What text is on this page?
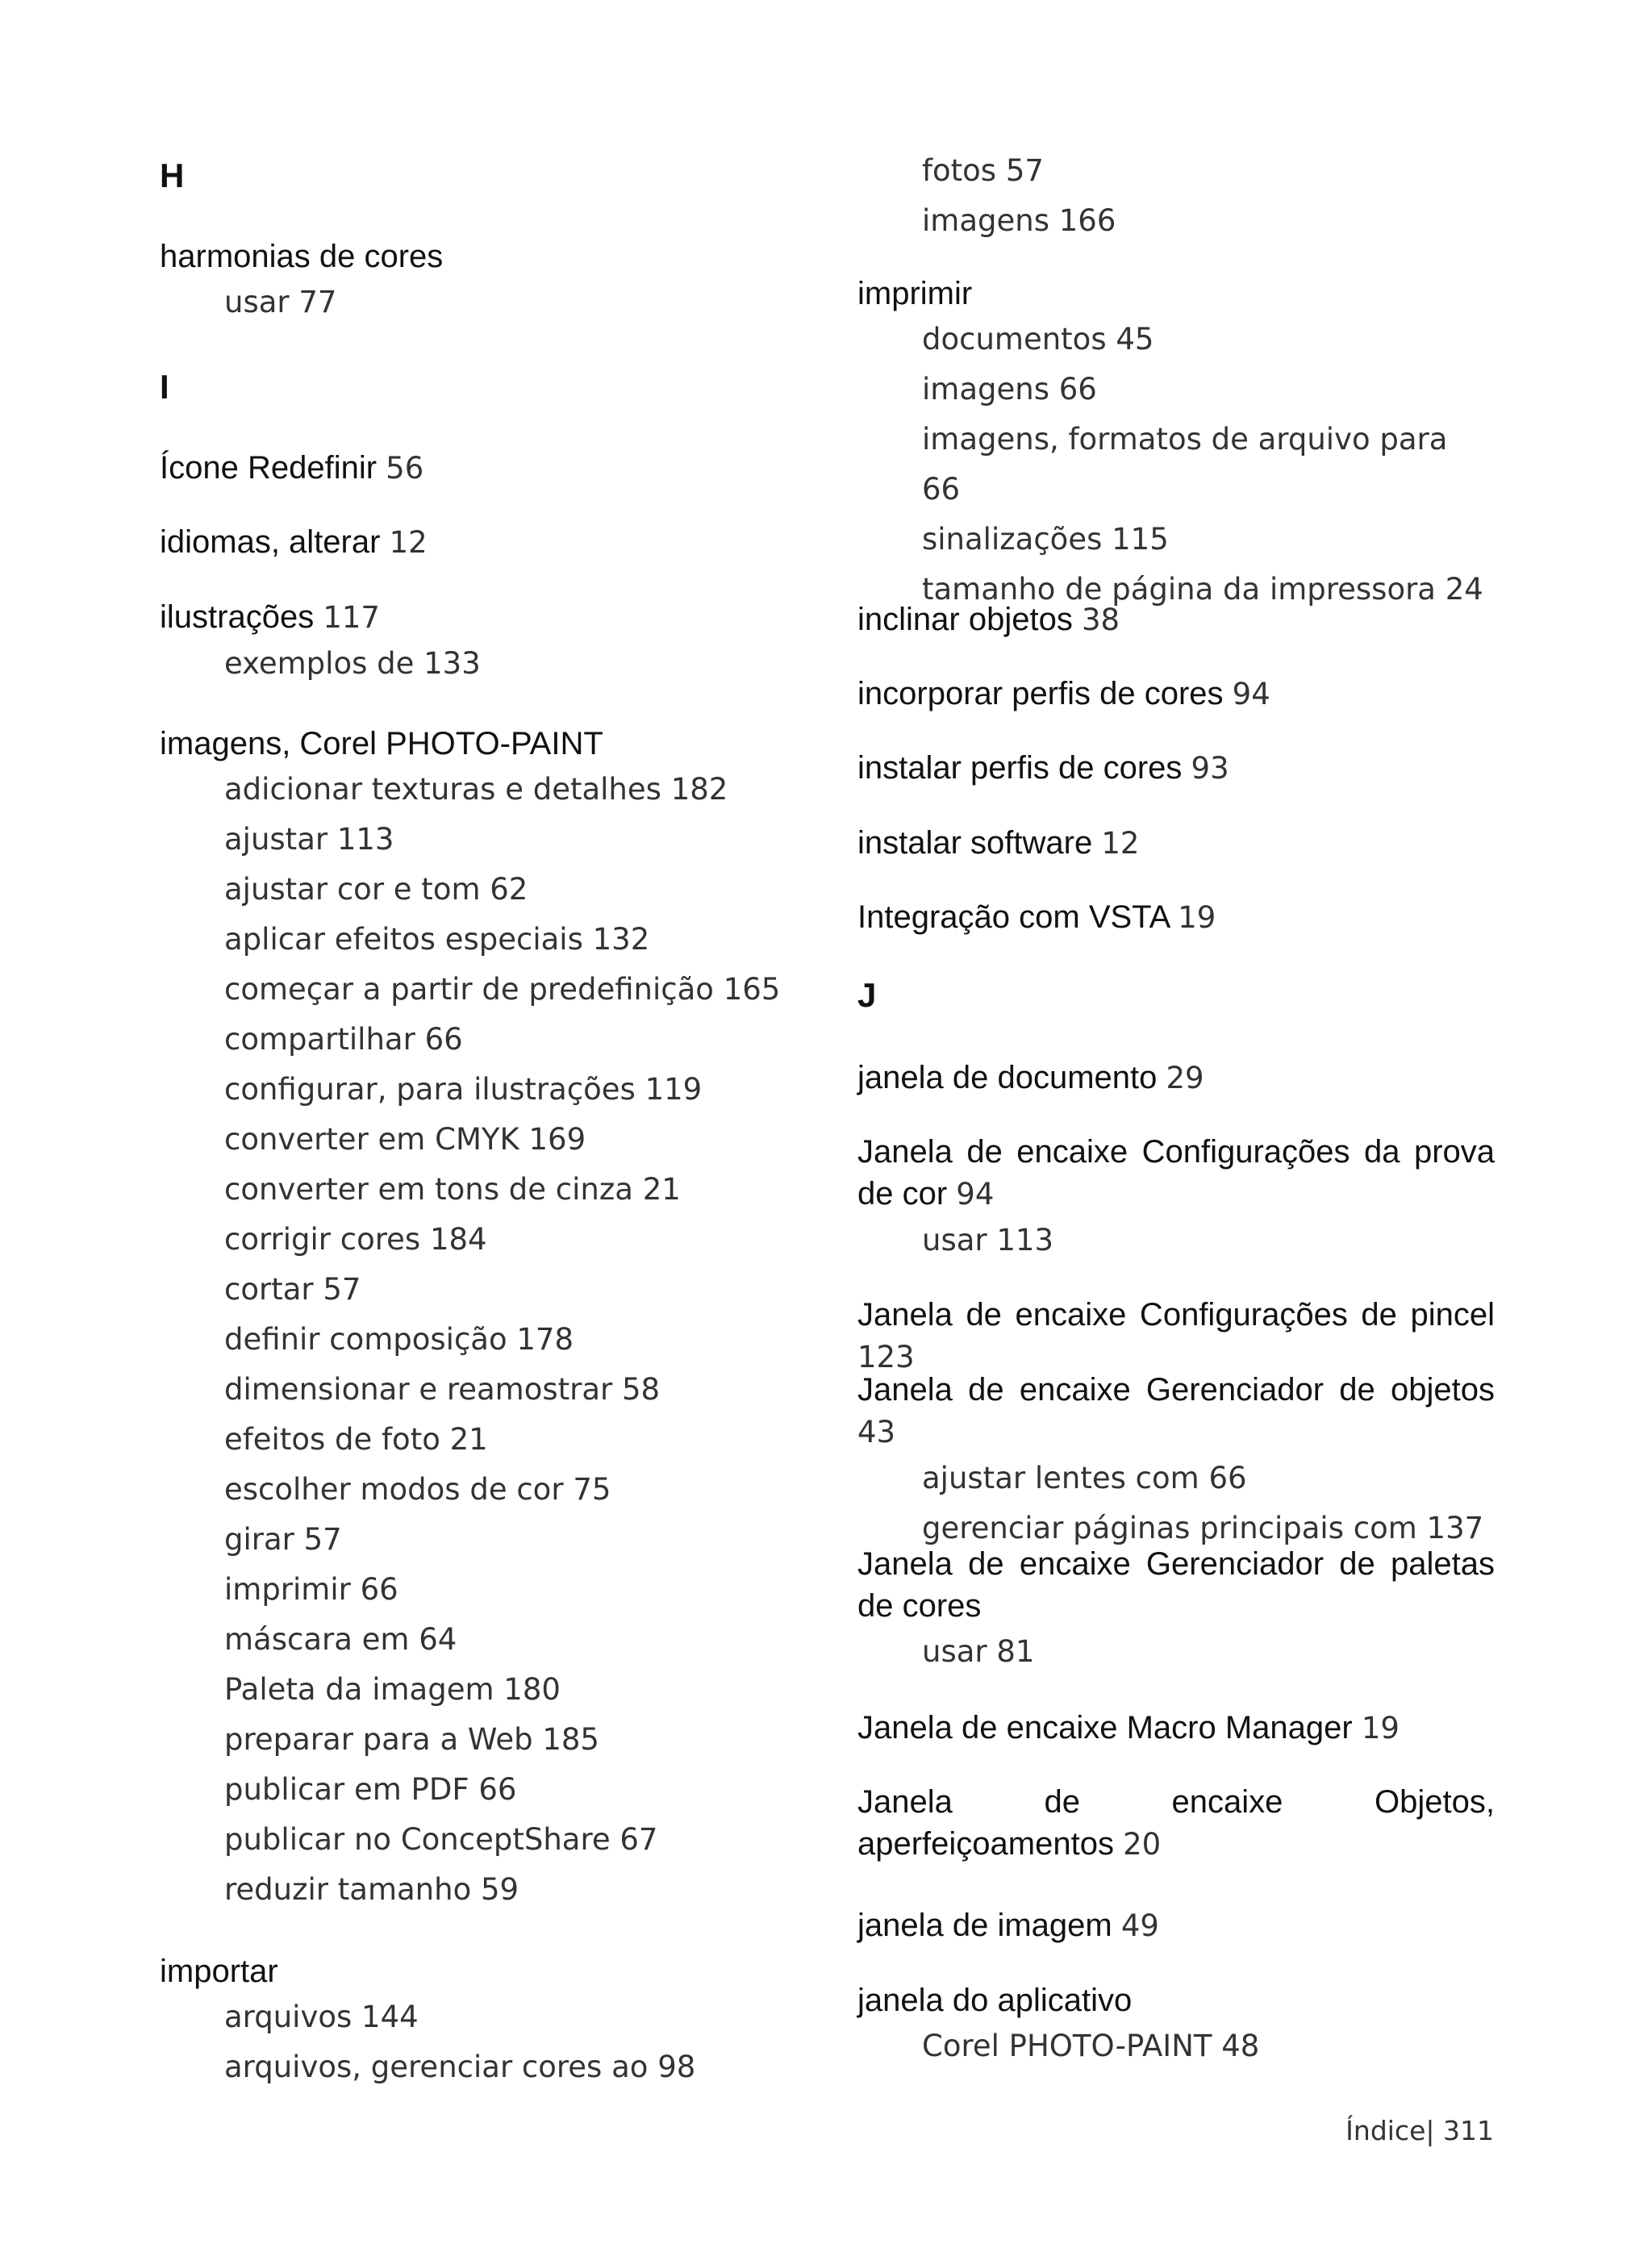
H
harmonias de cores
usar 77
I
Ícone Redefinir 56
idiomas, alterar 12
ilustrações 117
exemplos de 133
imagens, Corel PHOTO-PAINT
adicionar texturas e detalhes 182
ajustar 113
ajustar cor e tom 62
aplicar efeitos especiais 132
começar a partir de predefinição 165
compartilhar 66
configurar, para ilustrações 119
converter em CMYK 169
converter em tons de cinza 21
corrigir cores 184
cortar 57
definir composição 178
dimensionar e reamostrar 58
efeitos de foto 21
escolher modos de cor 75
girar 57
imprimir 66
máscara em 64
Paleta da imagem 180
preparar para a Web 185
publicar em PDF 66
publicar no ConceptShare 67
reduzir tamanho 59
importar
arquivos 144
arquivos, gerenciar cores ao 98
fotos 57
imagens 166
imprimir
documentos 45
imagens 66
imagens, formatos de arquivo para 66
sinalizações 115
tamanho de página da impressora 24
inclinar objetos 38
incorporar perfis de cores 94
instalar perfis de cores 93
instalar software 12
Integração com VSTA 19
J
janela de documento 29
Janela de encaixe Configurações da prova de cor 94
usar 113
Janela de encaixe Configurações de pincel 123
Janela de encaixe Gerenciador de objetos 43
ajustar lentes com 66
gerenciar páginas principais com 137
Janela de encaixe Gerenciador de paletas de cores
usar 81
Janela de encaixe Macro Manager 19
Janela de encaixe Objetos, aperfeiçoamentos 20
janela de imagem 49
janela do aplicativo
Corel PHOTO-PAINT 48
Índice| 311
